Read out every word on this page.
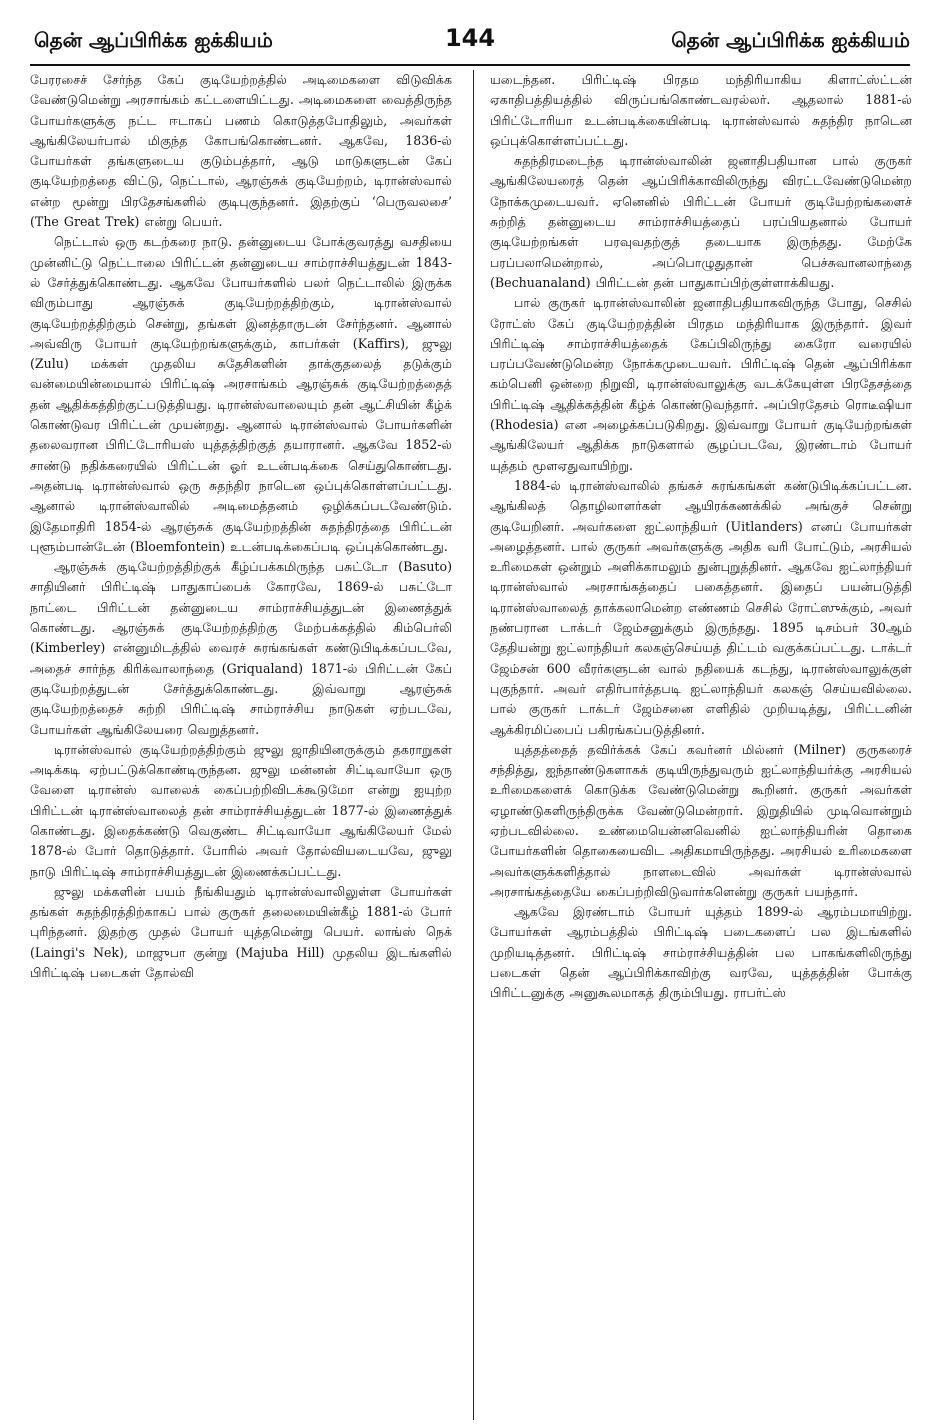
தென் ஆப்பிரிக்க ஐக்கியம்	144	தென் ஆப்பிரிக்க ஐக்கியம்

பேரரசைச் சேர்ந்த கேப் குடியேற்றத்தில் அடிமைகளை விடுவிக்க வேண்டுமென்று அரசாங்கம் கட்டளையிட்டது. அடிமைகளை வைத்திருந்த போயர்களுக்கு நட்ட ஈடாகப் பணம் கொடுத்தபோதிலும், அவர்கள் ஆங்கிலேயர்பால் மிகுந்த கோபங்கொண்டனர். ஆகவே, 1836-ல் போயர்கள் தங்களுடைய குடும்பத்தார், ஆடு மாடுகளுடன் கேப் குடியேற்றத்தை விட்டு, நெட்டால், ஆரஞ்சுக் குடியேற்றம், டிரான்ஸ்வால் என்ற மூன்று பிரதேசங்களில் குடிபுகுந்தனர். இதற்குப் ‘பெருவலசை’ (The Great Trek) என்று பெயர்.

நெட்டால் ஒரு கடற்கரை நாடு. தன்னுடைய போக்குவரத்து வசதியை முன்னிட்டு நெட்டாலை பிரிட்டன் தன்னுடைய சாம்ராச்சியத்துடன் 1843-ல் சேர்த்துக்கொண்டது. ஆகவே போயர்களில் பலர் நெட்டாலில் இருக்க விரும்பாது ஆரஞ்சுக் குடியேற்றத்திற்கும், டிரான்ஸ்வால் குடியேற்றத்திற்கும் சென்று, தங்கள் இனத்தாருடன் சேர்ந்தனர். ஆனால் அவ்விரு போயர் குடியேற்றங்களுக்கும், காபர்கள் (Kaffirs), ஜுலு (Zulu) மக்கள் முதலிய சுதேசிகளின் தாக்குதலைத் தடுக்கும் வன்மையின்மையால் பிரிட்டிஷ் அரசாங்கம் ஆரஞ்சுக் குடியேற்றத்தைத் தன் ஆதிக்கத்திற்குட்படுத்தியது. டிரான்ஸ்வாலையும் தன் ஆட்சியின் கீழ்க் கொண்டுவர பிரிட்டன் முயன்றது. ஆனால் டிரான்ஸ்வால் போயர்களின் தலைவரான பிரிட்டோரியஸ் யுத்தத்திற்குத் தயாரானர். ஆகவே 1852-ல் சாண்டு நதிக்கரையில் பிரிட்டன் ஓர் உடன்படிக்கை செய்துகொண்டது. அதன்படி டிரான்ஸ்வால் ஒரு சுதந்திர நாடென ஒப்புக்கொள்ளப்பட்டது. ஆனால் டிரான்ஸ்வாலில் அடிமைத்தனம் ஒழிக்கப்படவேண்டும். இதேமாதிரி 1854-ல் ஆரஞ்சுக் குடியேற்றத்தின் சுதந்திரத்தை பிரிட்டன் புளூம்பான்டேன் (Bloemfontein) உடன்படிக்கைப்படி ஒப்புக்கொண்டது.

ஆரஞ்சுக் குடியேற்றத்திற்குக் கீழ்ப்பக்கமிருந்த பசுட்டோ (Basuto) சாதியினர் பிரிட்டிஷ் பாதுகாப்பைக் கோரவே, 1869-ல் பசுட்டோ நாட்டை பிரிட்டன் தன்னுடைய சாம்ராச்சியத்துடன் இணைத்துக் கொண்டது. ஆரஞ்சுக் குடியேற்றத்திற்கு மேற்பக்கத்தில் கிம்பெர்லி (Kimberley) என்னுமிடத்தில் வைரச் சுரங்கங்கள் கண்டுபிடிக்கப்படவே, அதைச் சார்ந்த கிரிக்வாலாந்தை (Griqualand) 1871-ல் பிரிட்டன் கேப் குடியேற்றத்துடன் சேர்த்துக்கொண்டது. இவ்வாறு ஆரஞ்சுக் குடியேற்றத்தைச் சுற்றி பிரிட்டிஷ் சாம்ராச்சிய நாடுகள் ஏற்படவே, போயர்கள் ஆங்கிலேயரை வெறுத்தனர்.

டிரான்ஸ்வால் குடியேற்றத்திற்கும் ஜுலு ஜாதியினருக்கும் தகராறுகள் அடிக்கடி ஏற்பட்டுக்கொண்டிருந்தன. ஜுலு மன்னன் சிட்டிவாயோ ஒரு வேளை டிரான்ஸ் வாலைக் கைப்பற்றிவிடக்கூடுமோ என்று ஐயுற்ற பிரிட்டன் டிரான்ஸ்வாலைத் தன் சாம்ராச்சியத்துடன் 1877-ல் இணைத்துக் கொண்டது. இதைக்கண்டு வெகுண்ட சிட்டிவாயோ ஆங்கிலேயர் மேல் 1878-ல் போர் தொடுத்தார். போரில் அவர் தோல்வியடையவே, ஜுலு நாடு பிரிட்டிஷ் சாம்ராச்சியத்துடன் இணைக்கப்பட்டது.

ஜுலு மக்களின் பயம் நீங்கியதும் டிரான்ஸ்வாலிலுள்ள போயர்கள் தங்கள் சுதந்திரத்திற்காகப் பால் குருகர் தலைமையின்கீழ் 1881-ல் போர் புரிந்தனர். இதற்கு முதல் போயர் யுத்தமென்று பெயர். லாங்ஸ் நெக் (Laingi's Nek), மாஜுபா குன்று (Majuba Hill) முதலிய இடங்களில் பிரிட்டிஷ் படைகள் தோல்வி

யடைந்தன. பிரிட்டிஷ் பிரதம மந்திரியாகிய கிளாட்ஸ்ட்டன் ஏகாதிபத்தியத்தில் விருப்பங்கொண்டவரல்லர். ஆதலால் 1881-ல் பிரிட்டோரியா உடன்படிக்கையின்படி டிரான்ஸ்வால் சுதந்திர நாடென ஒப்புக்கொள்ளப்பட்டது.

சுதந்திரமடைந்த டிரான்ஸ்வாலின் ஜனாதிபதியான பால் குருகர் ஆங்கிலேயரைத் தென் ஆப்பிரிக்காவிலிருந்து விரட்டவேண்டுமென்ற நோக்கமுடையவர். ஏனெனில் பிரிட்டன் போயர் குடியேற்றங்களைச் சுற்றித் தன்னுடைய சாம்ராச்சியத்தைப் பரப்பியதனால் போயர் குடியேற்றங்கள் பரவுவதற்குத் தடையாக இருந்தது. மேற்கே பரப்பலாமென்றால், அப்பொழுதுதான் பெச்சுவானலாந்தை (Bechuanaland) பிரிட்டன் தன் பாதுகாப்பிற்குள்ளாக்கியது.

பால் குருகர் டிரான்ஸ்வாலின் ஜனாதிபதியாகவிருந்த போது, செசில் ரோட்ஸ் கேப் குடியேற்றத்தின் பிரதம மந்திரியாக இருந்தார். இவர் பிரிட்டிஷ் சாம்ராச்சியத்தைக் கேப்பிலிருந்து கைரோ வரையில் பரப்பவேண்டுமென்ற நோக்கமுடையவர். பிரிட்டிஷ் தென் ஆப்பிரிக்கா கம்பெனி ஒன்றை நிறுவி, டிரான்ஸ்வாலுக்கு வடக்கேயுள்ள பிரதேசத்தை பிரிட்டிஷ் ஆதிக்கத்தின் கீழ்க் கொண்டுவந்தார். அப்பிரதேசம் ரொடீஷியா (Rhodesia) என அழைக்கப்படுகிறது. இவ்வாறு போயர் குடியேற்றங்கள் ஆங்கிலேயர் ஆதிக்க நாடுகளால் சூழப்படவே, இரண்டாம் போயர் யுத்தம் மூளஏதுவாயிற்று.

1884-ல் டிரான்ஸ்வாலில் தங்கச் சுரங்கங்கள் கண்டுபிடிக்கப்பட்டன. ஆங்கிலத் தொழிலாளர்கள் ஆயிரக்கணக்கில் அங்குச் சென்று குடியேறினர். அவர்களை ஐட்லாந்தியர் (Uitlanders) எனப் போயர்கள் அழைத்தனர். பால் குருகர் அவர்களுக்கு அதிக வரி போட்டும், அரசியல் உரிமைகள் ஒன்றும் அளிக்காமலும் துன்புறுத்தினர். ஆகவே ஐட்லாந்தியர் டிரான்ஸ்வால் அரசாங்கத்தைப் பகைத்தனர். இதைப் பயன்படுத்தி டிரான்ஸ்வாலைத் தாக்கலாமென்ற எண்ணம் செசில் ரோட்ஸுக்கும், அவர் நண்பரான டாக்டர் ஜேம்சனுக்கும் இருந்தது. 1895 டிசம்பர் 30ஆம் தேதியன்று ஐட்லாந்தியர் கலகஞ்செய்யத் திட்டம் வகுக்கப்பட்டது. டாக்டர் ஜேம்சன் 600 வீரர்களுடன் வால் நதியைக் கடந்து, டிரான்ஸ்வாலுக்குள் புகுந்தார். அவர் எதிர்பார்த்தபடி ஐட்லாந்தியர் கலகஞ் செய்யவில்லை. பால் குருகர் டாக்டர் ஜேம்சனை எளிதில் முறியடித்து, பிரிட்டனின் ஆக்கிரமிப்பைப் பகிரங்கப்படுத்தினர்.

யுத்தத்தைத் தவிர்க்கக் கேப் கவர்னர் மில்னர் (Milner) குருகரைச் சந்தித்து, ஐந்தாண்டுகளாகக் குடியிருந்துவரும் ஐட்லாந்தியர்க்கு அரசியல் உரிமைகளைக் கொடுக்க வேண்டுமென்று கூறினர். குருகர் அவர்கள் ஏழாண்டுகளிருந்திருக்க வேண்டுமென்றார். இறுதியில் முடிவொன்றும் ஏற்படவில்லை. உண்மையென்னவெனில் ஐட்லாந்தியரின் தொகை போயர்களின் தொகையைவிட அதிகமாயிருந்தது. அரசியல் உரிமைகளை அவர்களுக்களித்தால் நாளடைவில் அவர்கள் டிரான்ஸ்வால் அரசாங்கத்தையே கைப்பற்றிவிடுவார்களென்று குருகர் பயந்தார்.

ஆகவே இரண்டாம் போயர் யுத்தம் 1899-ல் ஆரம்பமாயிற்று. போயர்கள் ஆரம்பத்தில் பிரிட்டிஷ் படைகளைப் பல இடங்களில் முறியடித்தனர். பிரிட்டிஷ் சாம்ராச்சியத்தின் பல பாகங்களிலிருந்து படைகள் தென் ஆப்பிரிக்காவிற்கு வரவே, யுத்தத்தின் போக்கு பிரிட்டனுக்கு அனுகூலமாகத் திரும்பியது. ராபர்ட்ஸ்
